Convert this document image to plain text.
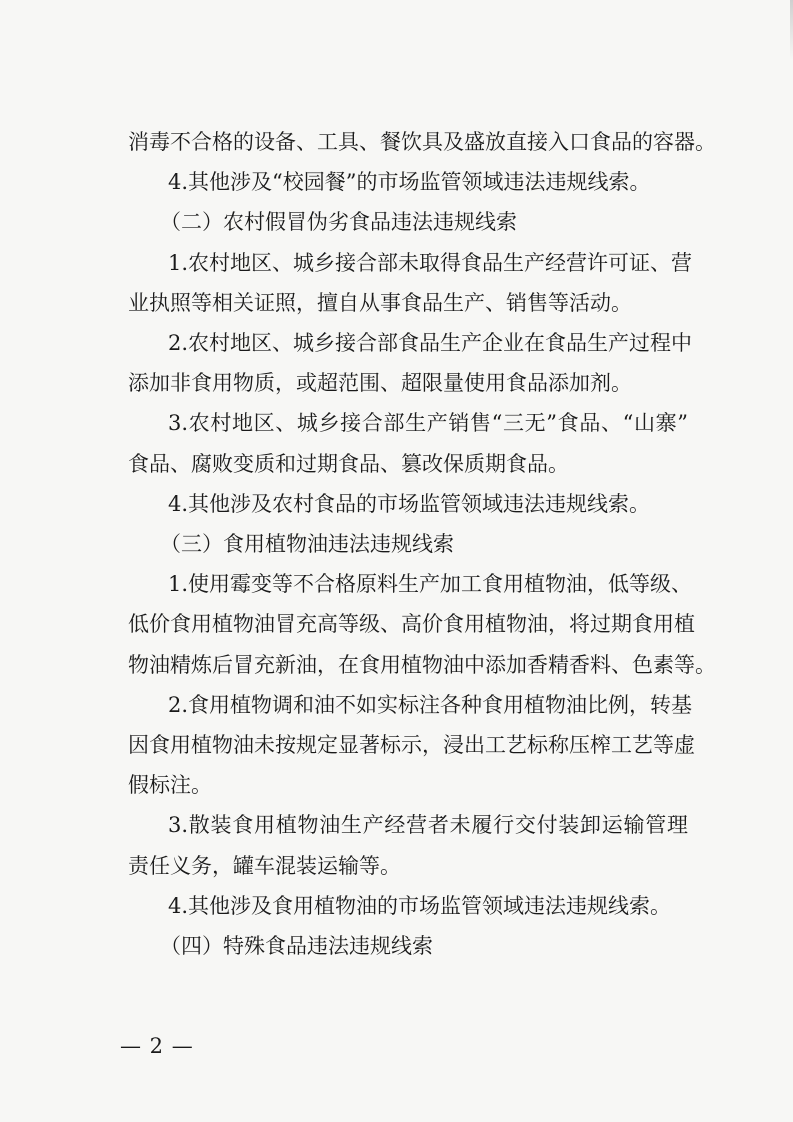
消毒不合格的设备、工具、餐饮具及盛放直接入口食品的容器。
4.其他涉及“校园餐”的市场监管领域违法违规线索。
（二）农村假冒伪劣食品违法违规线索
1.农村地区、城乡接合部未取得食品生产经营许可证、营
业执照等相关证照，擅自从事食品生产、销售等活动。
2.农村地区、城乡接合部食品生产企业在食品生产过程中
添加非食用物质，或超范围、超限量使用食品添加剂。
3.农村地区、城乡接合部生产销售“三无”食品、“山寨”
食品、腐败变质和过期食品、篡改保质期食品。
4.其他涉及农村食品的市场监管领域违法违规线索。
（三）食用植物油违法违规线索
1.使用霉变等不合格原料生产加工食用植物油，低等级、
低价食用植物油冒充高等级、高价食用植物油，将过期食用植
物油精炼后冒充新油，在食用植物油中添加香精香料、色素等。
2.食用植物调和油不如实标注各种食用植物油比例，转基
因食用植物油未按规定显著标示，浸出工艺标称压榨工艺等虚
假标注。
3.散装食用植物油生产经营者未履行交付装卸运输管理
责任义务，罐车混装运输等。
4.其他涉及食用植物油的市场监管领域违法违规线索。
（四）特殊食品违法违规线索
— 2 —
